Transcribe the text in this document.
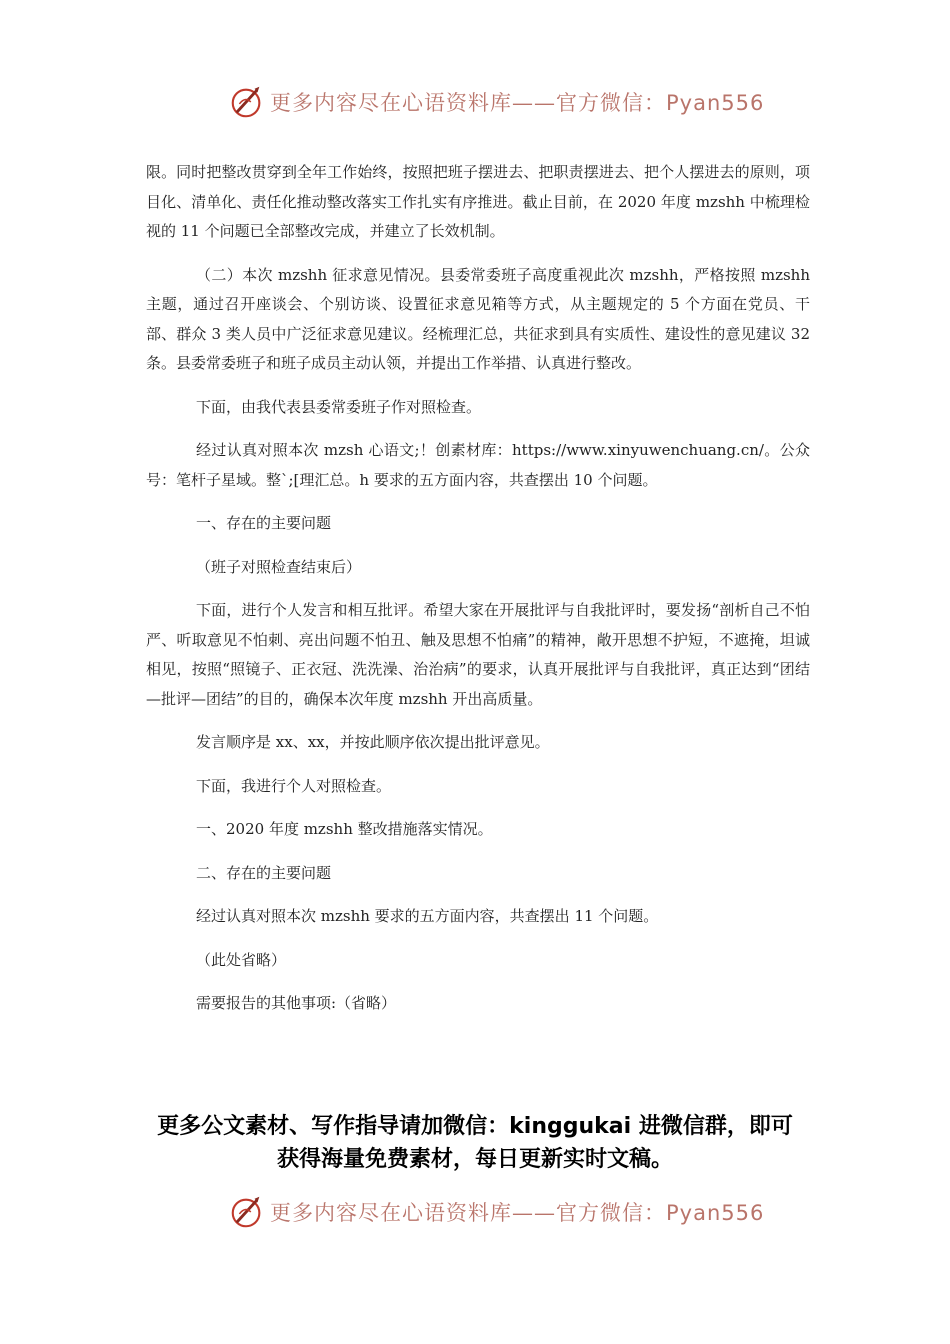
更多内容尽在心语资料库——官方微信：Pyan556

限。同时把整改贯穿到全年工作始终，按照把班子摆进去、把职责摆进去、把个人摆进去的原则，项目化、清单化、责任化推动整改落实工作扎实有序推进。截止目前，在 2020 年度 mzshh 中梳理检视的 11 个问题已全部整改完成，并建立了长效机制。

（二）本次 mzshh 征求意见情况。县委常委班子高度重视此次 mzshh，严格按照 mzshh 主题，通过召开座谈会、个别访谈、设置征求意见箱等方式，从主题规定的 5 个方面在党员、干部、群众 3 类人员中广泛征求意见建议。经梳理汇总，共征求到具有实质性、建设性的意见建议 32 条。县委常委班子和班子成员主动认领，并提出工作举措、认真进行整改。

下面，由我代表县委常委班子作对照检查。

经过认真对照本次 mzsh 心语文;！创素材库：https://www.xinyuwenchuang.cn/。公众号：笔杆子星域。整`;[理汇总。h 要求的五方面内容，共查摆出 10 个问题。

一、存在的主要问题

（班子对照检查结束后）

下面，进行个人发言和相互批评。希望大家在开展批评与自我批评时，要发扬“剖析自己不怕严、听取意见不怕刺、亮出问题不怕丑、触及思想不怕痛”的精神，敞开思想不护短，不遮掩，坦诚相见，按照“照镜子、正衣冠、洗洗澡、治治病”的要求，认真开展批评与自我批评，真正达到“团结—批评—团结”的目的，确保本次年度 mzshh 开出高质量。

发言顺序是 xx、xx，并按此顺序依次提出批评意见。

下面，我进行个人对照检查。

一、2020 年度 mzshh 整改措施落实情况。

二、存在的主要问题

经过认真对照本次 mzshh 要求的五方面内容，共查摆出 11 个问题。

（此处省略）

需要报告的其他事项:（省略）

更多公文素材、写作指导请加微信：kinggukai 进微信群，即可
获得海量免费素材，每日更新实时文稿。
更多内容尽在心语资料库——官方微信：Pyan556
